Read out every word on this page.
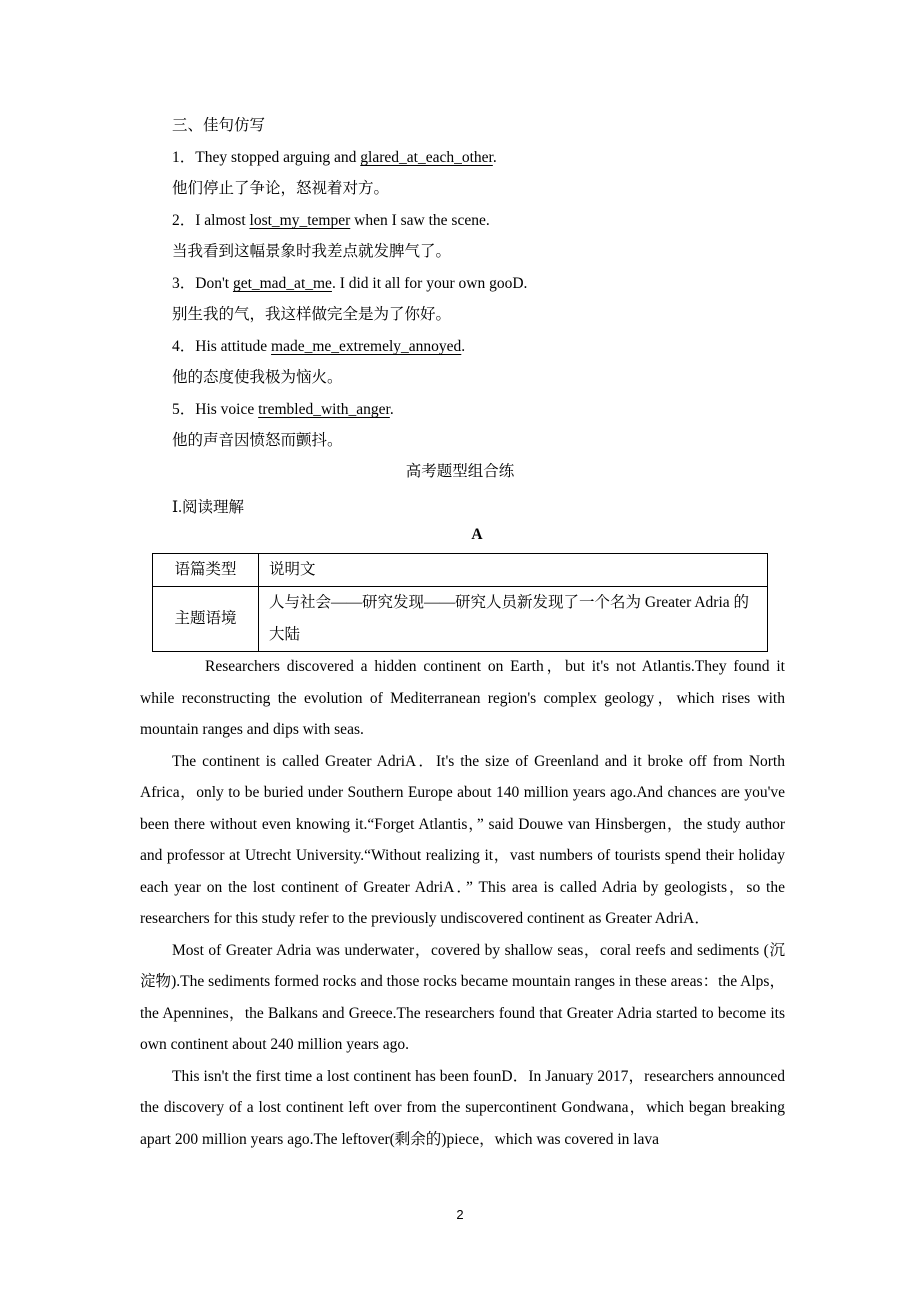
三、佳句仿写
1．They stopped arguing and glared_at_each_other.
他们停止了争论，怒视着对方。
2．I almost lost_my_temper when I saw the scene.
当我看到这幅景象时我差点就发脾气了。
3．Don't get_mad_at_me. I did it all for your own gooD.
别生我的气，我这样做完全是为了你好。
4．His attitude made_me_extremely_annoyed.
他的态度使我极为恼火。
5．His voice trembled_with_anger.
他的声音因愤怒而颤抖。
高考题型组合练
Ⅰ.阅读理解
A
语篇类型	说明文
主题语境	人与社会——研究发现——研究人员新发现了一个名为 Greater Adria 的大陆

Researchers discovered a hidden continent on Earth，but it's not Atlantis.They found it while reconstructing the evolution of Mediterranean region's complex geology，which rises with mountain ranges and dips with seas.

The continent is called Greater AdriA．It's the size of Greenland and it broke off from North Africa，only to be buried under Southern Europe about 140 million years ago.And chances are you've been there without even knowing it.“Forget Atlantis，” said Douwe van Hinsbergen，the study author and professor at Utrecht University.“Without realizing it，vast numbers of tourists spend their holiday each year on the lost continent of Greater AdriA．” This area is called Adria by geologists，so the researchers for this study refer to the previously undiscovered continent as Greater AdriA．

Most of Greater Adria was underwater，covered by shallow seas，coral reefs and sediments (沉淀物).The sediments formed rocks and those rocks became mountain ranges in these areas：the Alps，the Apennines，the Balkans and Greece.The researchers found that Greater Adria started to become its own continent about 240 million years ago.

This isn't the first time a lost continent has been founD．In January 2017，researchers announced the discovery of a lost continent left over from the supercontinent Gondwana，which began breaking apart 200 million years ago.The leftover(剩余的)piece，which was covered in lava

2
